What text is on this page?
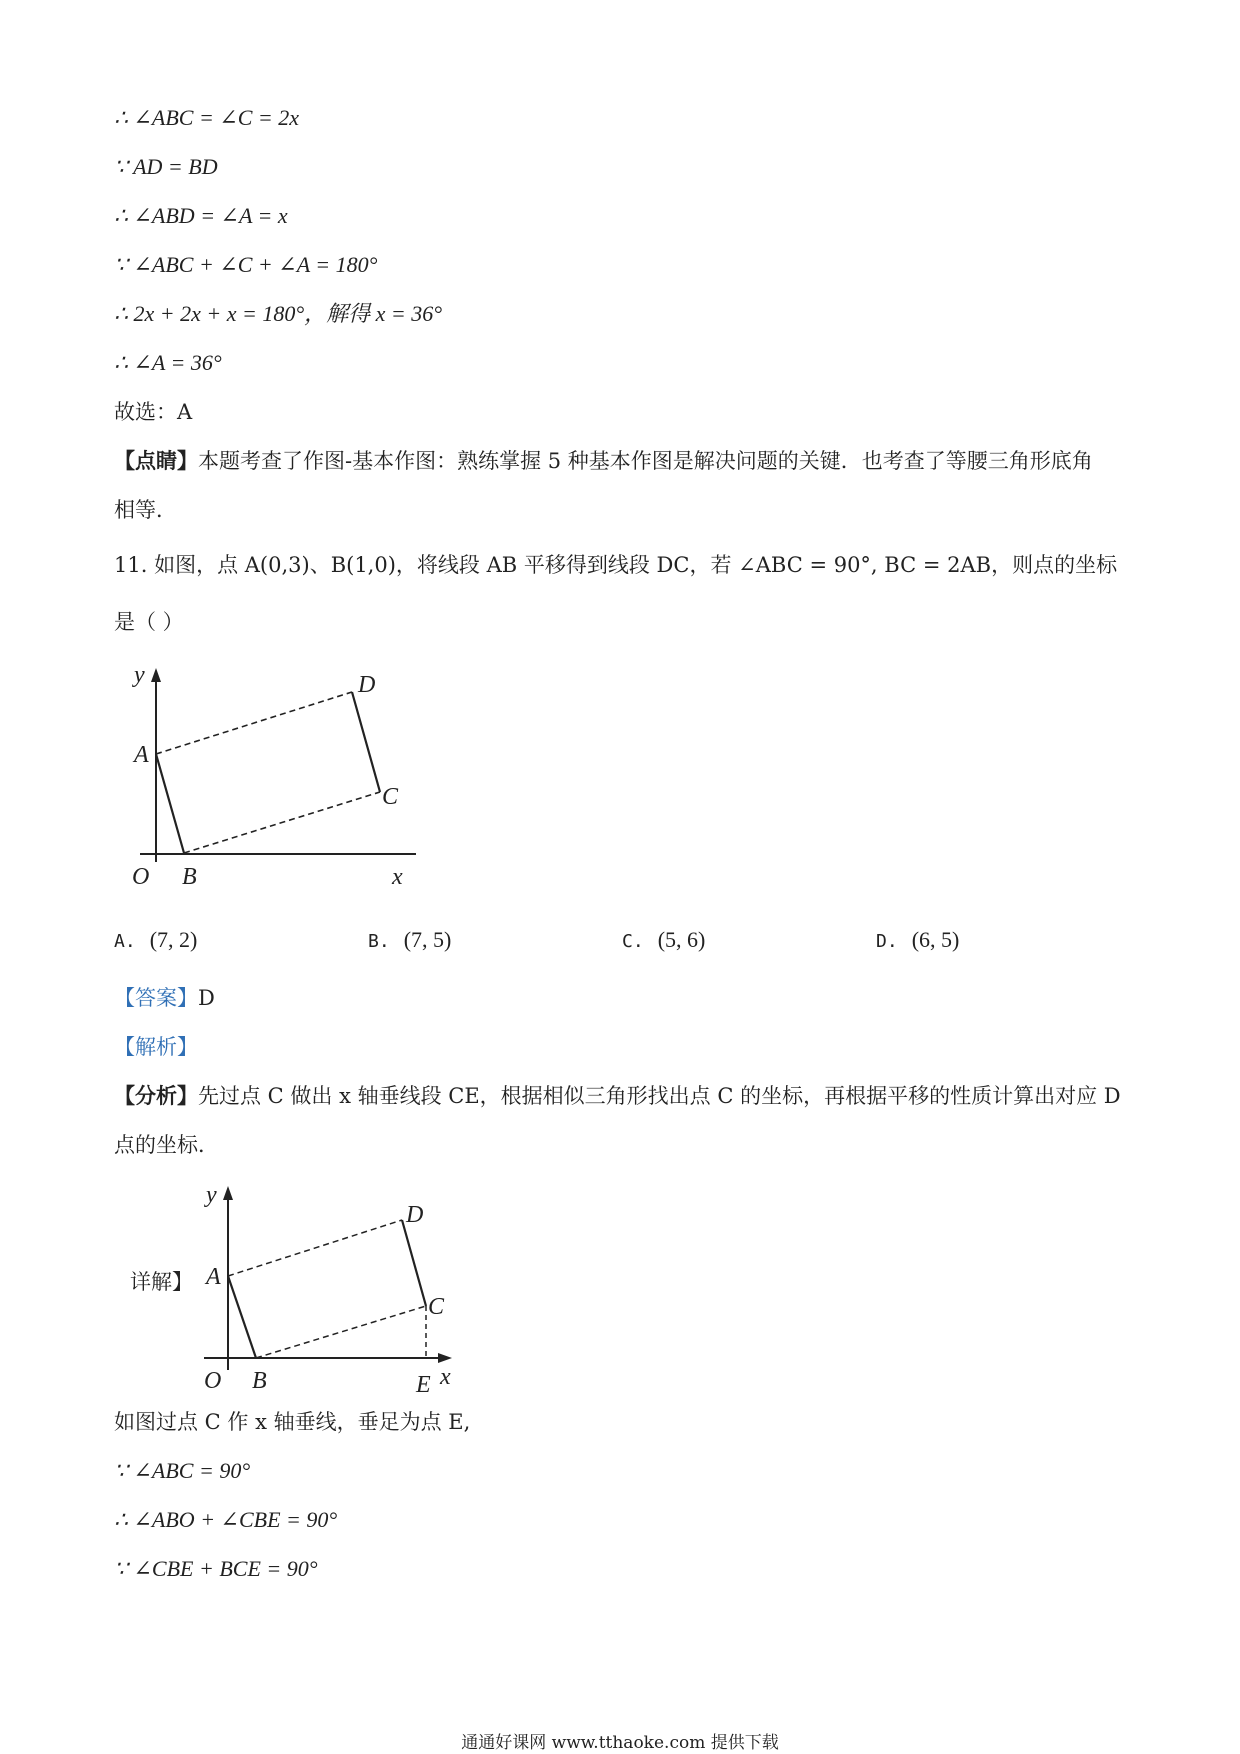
∴ ∠ABC = ∠C = 2x
∵ AD = BD
∴ ∠ABD = ∠A = x
∵ ∠ABC + ∠C + ∠A = 180°
∴ 2x + 2x + x = 180°，解得 x = 36°
∴ ∠A = 36°
故选：A
【点睛】本题考查了作图-基本作图：熟练掌握 5 种基本作图是解决问题的关键．也考查了等腰三角形底角
相等．
11. 如图，点 A(0,3)、B(1,0)，将线段 AB 平移得到线段 DC，若 ∠ABC = 90°, BC = 2AB，则点的坐标
是（ ）
y
A
D
C
O B	x
A. (7, 2)	B. (7, 5)	C. (5, 6)	D. (6, 5)
【答案】D
【解析】
【分析】先过点 C 做出 x 轴垂线段 CE，根据相似三角形找出点 C 的坐标，再根据平移的性质计算出对应 D
点的坐标．
详解】
y
A
D
C
O B	E x
如图过点 C 作 x 轴垂线，垂足为点 E,
∵ ∠ABC = 90°
∴ ∠ABO + ∠CBE = 90°
∵ ∠CBE + BCE = 90°
通通好课网 www.tthaoke.com 提供下载
